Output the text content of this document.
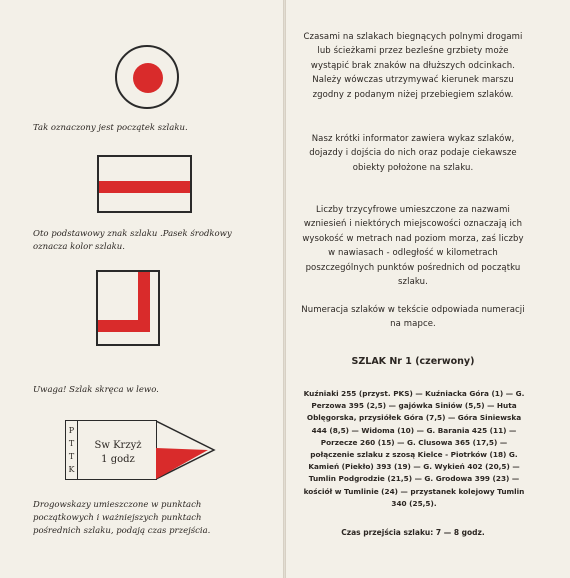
Tak oznaczony jest początek szlaku.
Oto podstawowy znak szlaku .Pasek środkowy oznacza kolor szlaku.
Uwaga! Szlak skręca w lewo.
P
T
T
K
Sw Krzyż
1 godz
Drogowskazy umieszczone w punktach początkowych i ważniejszych punktach pośrednich szlaku, podają czas przejścia.
Czasami na szlakach biegnących polnymi drogami lub ścieżkami przez bezleśne grzbiety może wystąpić brak znaków na dłuższych odcinkach. Należy wówczas utrzymywać kierunek marszu zgodny z podanym niżej przebiegiem szlaków.
Nasz krótki informator zawiera wykaz szlaków, dojazdy i dojścia do nich oraz podaje ciekawsze obiekty położone na szlaku.
Liczby trzycyfrowe umieszczone za nazwami wzniesień i niektórych miejscowości oznaczają ich wysokość w metrach nad poziom morza, zaś liczby w nawiasach - odległość w kilometrach poszczególnych punktów pośrednich od początku szlaku.
Numeracja szlaków w tekście odpowiada numeracji na mapce.
SZLAK Nr 1 (czerwony)
Kuźniaki 255 (przyst. PKS) — Kuźniacka Góra (1) — G. Perzowa 395 (2,5) — gajówka Siniów (5,5) — Huta Oblęgorska, przysiółek Góra (7,5) — Góra Siniewska 444 (8,5) — Widoma (10) — G. Barania 425 (11) — Porzecze 260 (15) — G. Clusowa 365 (17,5) — połączenie szlaku z szosą Kielce - Piotrków (18) G. Kamień (Piekło) 393 (19) — G. Wykień 402 (20,5) — Tumlin Podgrodzie (21,5) — G. Grodowa 399 (23) — kościół w Tumlinie (24) — przystanek kolejowy Tumlin 340 (25,5).
Czas przejścia szlaku: 7 — 8 godz.
